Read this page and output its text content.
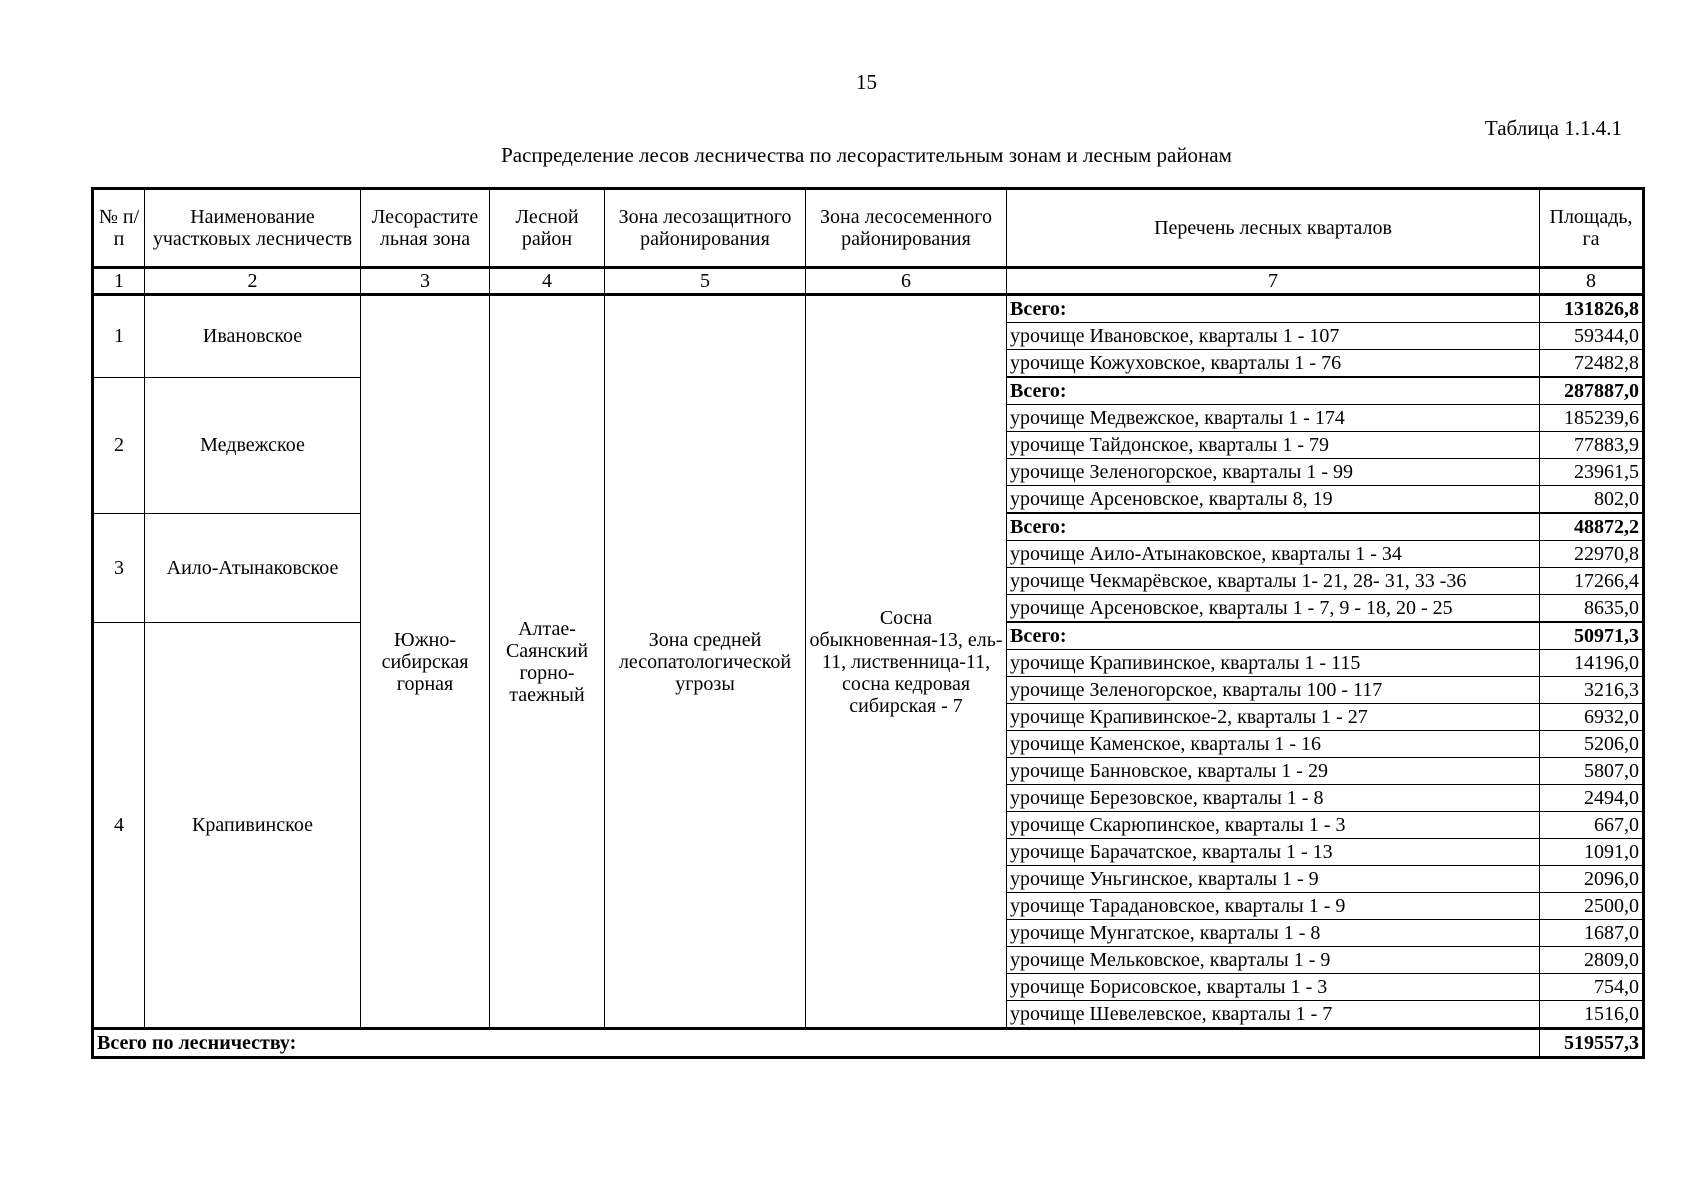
15
Таблица 1.1.4.1
Распределение лесов лесничества по лесорастительным зонам и лесным районам
№ п/п	Наименование участковых лесничеств	Лесорастите льная зона	Лесной район	Зона лесозащитного районирования	Зона лесосеменного районирования	Перечень лесных кварталов	Площадь, га
1	2	3	4	5	6	7	8
1	Ивановское	Южно-сибирская горная	Алтае-Саянский горно-таежный	Зона средней лесопатологической угрозы	Сосна обыкновенная-13, ель- 11, лиственница-11, сосна кедровая сибирская - 7	Всего:	131826,8
						урочище Ивановское, кварталы 1 - 107	59344,0
						урочище Кожуховское, кварталы 1 - 76	72482,8
2	Медвежское					Всего:	287887,0
						урочище Медвежское, кварталы 1 - 174	185239,6
						урочище Тайдонское, кварталы 1 - 79	77883,9
						урочище Зеленогорское, кварталы 1 - 99	23961,5
						урочище Арсеновское, кварталы 8, 19	802,0
3	Аило-Атынаковское					Всего:	48872,2
						урочище Аило-Атынаковское, кварталы 1 - 34	22970,8
						урочище Чекмарёвское, кварталы 1- 21, 28- 31, 33 -36	17266,4
						урочище Арсеновское, кварталы 1 - 7, 9 - 18, 20 - 25	8635,0
4	Крапивинское					Всего:	50971,3
						урочище Крапивинское, кварталы 1 - 115	14196,0
						урочище Зеленогорское, кварталы 100 - 117	3216,3
						урочище Крапивинское-2, кварталы 1 - 27	6932,0
						урочище Каменское, кварталы 1 - 16	5206,0
						урочище Банновское, кварталы 1 - 29	5807,0
						урочище Березовское, кварталы 1 - 8	2494,0
						урочище Скарюпинское, кварталы 1 - 3	667,0
						урочище Барачатское, кварталы 1 - 13	1091,0
						урочище Уньгинское, кварталы 1 - 9	2096,0
						урочище Тарадановское, кварталы 1 - 9	2500,0
						урочище Мунгатское, кварталы 1 - 8	1687,0
						урочище Мельковское, кварталы 1 - 9	2809,0
						урочище Борисовское, кварталы 1 - 3	754,0
						урочище Шевелевское, кварталы 1 - 7	1516,0
Всего по лесничеству:							519557,3
